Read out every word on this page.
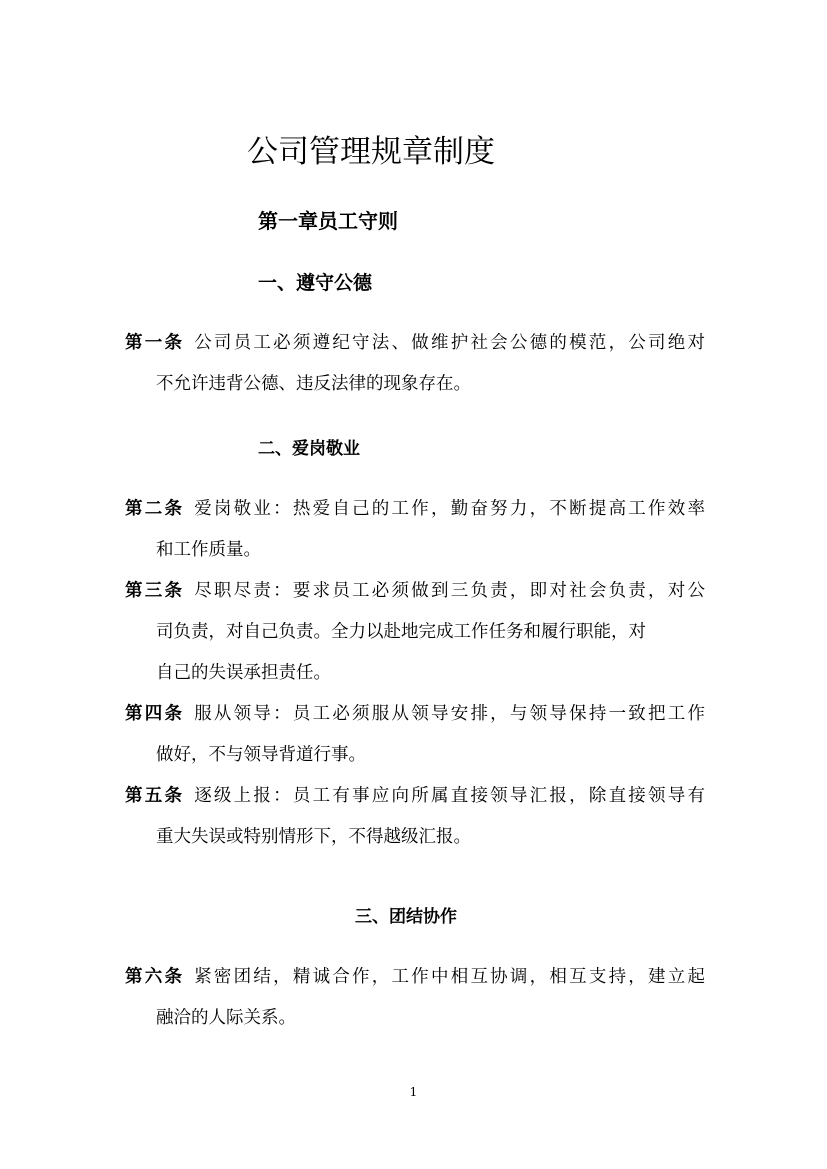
公司管理规章制度
第一章员工守则
一、遵守公德
第一条 公司员工必须遵纪守法、做维护社会公德的模范，公司绝对
不允许违背公德、违反法律的现象存在。
二、爱岗敬业
第二条 爱岗敬业：热爱自己的工作，勤奋努力，不断提高工作效率
和工作质量。
第三条 尽职尽责：要求员工必须做到三负责，即对社会负责，对公
司负责，对自己负责。全力以赴地完成工作任务和履行职能，对
自己的失误承担责任。
第四条 服从领导：员工必须服从领导安排，与领导保持一致把工作
做好，不与领导背道行事。
第五条 逐级上报：员工有事应向所属直接领导汇报，除直接领导有
重大失误或特别情形下，不得越级汇报。
三、团结协作
第六条 紧密团结，精诚合作，工作中相互协调，相互支持，建立起
融洽的人际关系。
1
